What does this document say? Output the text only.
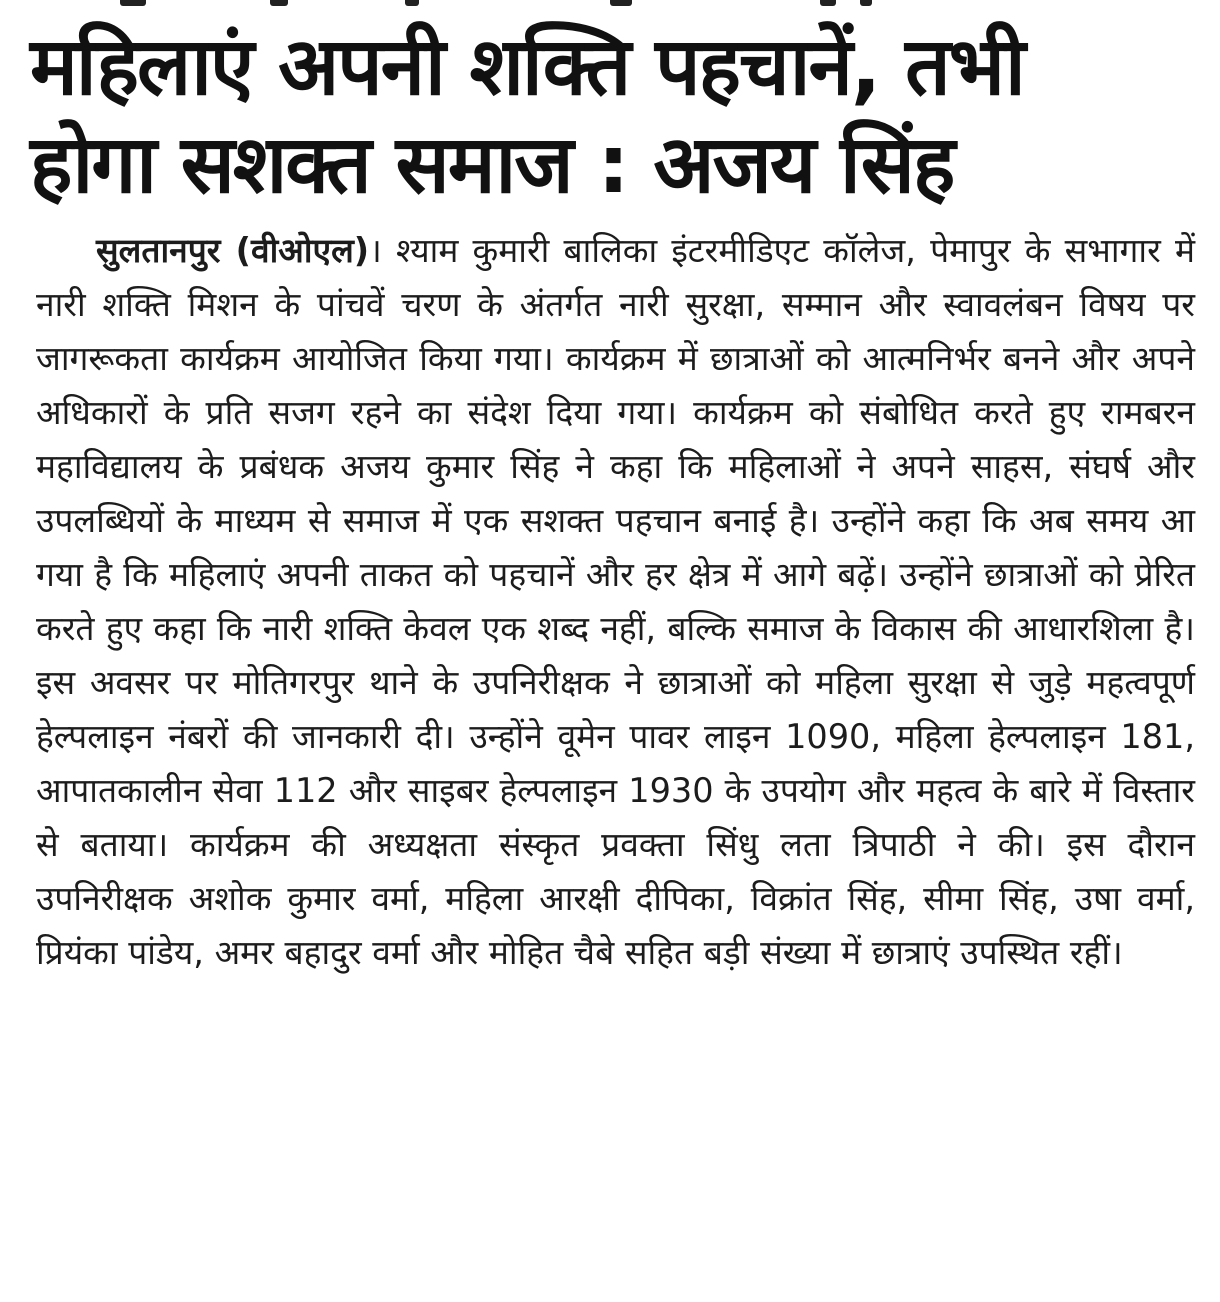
महिलाएं अपनी शक्ति पहचानें, तभी
होगा सशक्त समाज : अजय सिंह

सुलतानपुर (वीओएल)। श्याम कुमारी बालिका इंटरमीडिएट कॉलेज, पेमापुर के सभागार में नारी शक्ति मिशन के पांचवें चरण के अंतर्गत नारी सुरक्षा, सम्मान और स्वावलंबन विषय पर जागरूकता कार्यक्रम आयोजित किया गया। कार्यक्रम में छात्राओं को आत्मनिर्भर बनने और अपने अधिकारों के प्रति सजग रहने का संदेश दिया गया। कार्यक्रम को संबोधित करते हुए रामबरन महाविद्यालय के प्रबंधक अजय कुमार सिंह ने कहा कि महिलाओं ने अपने साहस, संघर्ष और उपलब्धियों के माध्यम से समाज में एक सशक्त पहचान बनाई है। उन्होंने कहा कि अब समय आ गया है कि महिलाएं अपनी ताकत को पहचानें और हर क्षेत्र में आगे बढ़ें। उन्होंने छात्राओं को प्रेरित करते हुए कहा कि नारी शक्ति केवल एक शब्द नहीं, बल्कि समाज के विकास की आधारशिला है। इस अवसर पर मोतिगरपुर थाने के उपनिरीक्षक ने छात्राओं को महिला सुरक्षा से जुड़े महत्वपूर्ण हेल्पलाइन नंबरों की जानकारी दी। उन्होंने वूमेन पावर लाइन 1090, महिला हेल्पलाइन 181, आपातकालीन सेवा 112 और साइबर हेल्पलाइन 1930 के उपयोग और महत्व के बारे में विस्तार से बताया। कार्यक्रम की अध्यक्षता संस्कृत प्रवक्ता सिंधु लता त्रिपाठी ने की। इस दौरान उपनिरीक्षक अशोक कुमार वर्मा, महिला आरक्षी दीपिका, विक्रांत सिंह, सीमा सिंह, उषा वर्मा, प्रियंका पांडेय, अमर बहादुर वर्मा और मोहित चैबे सहित बड़ी संख्या में छात्राएं उपस्थित रहीं।
